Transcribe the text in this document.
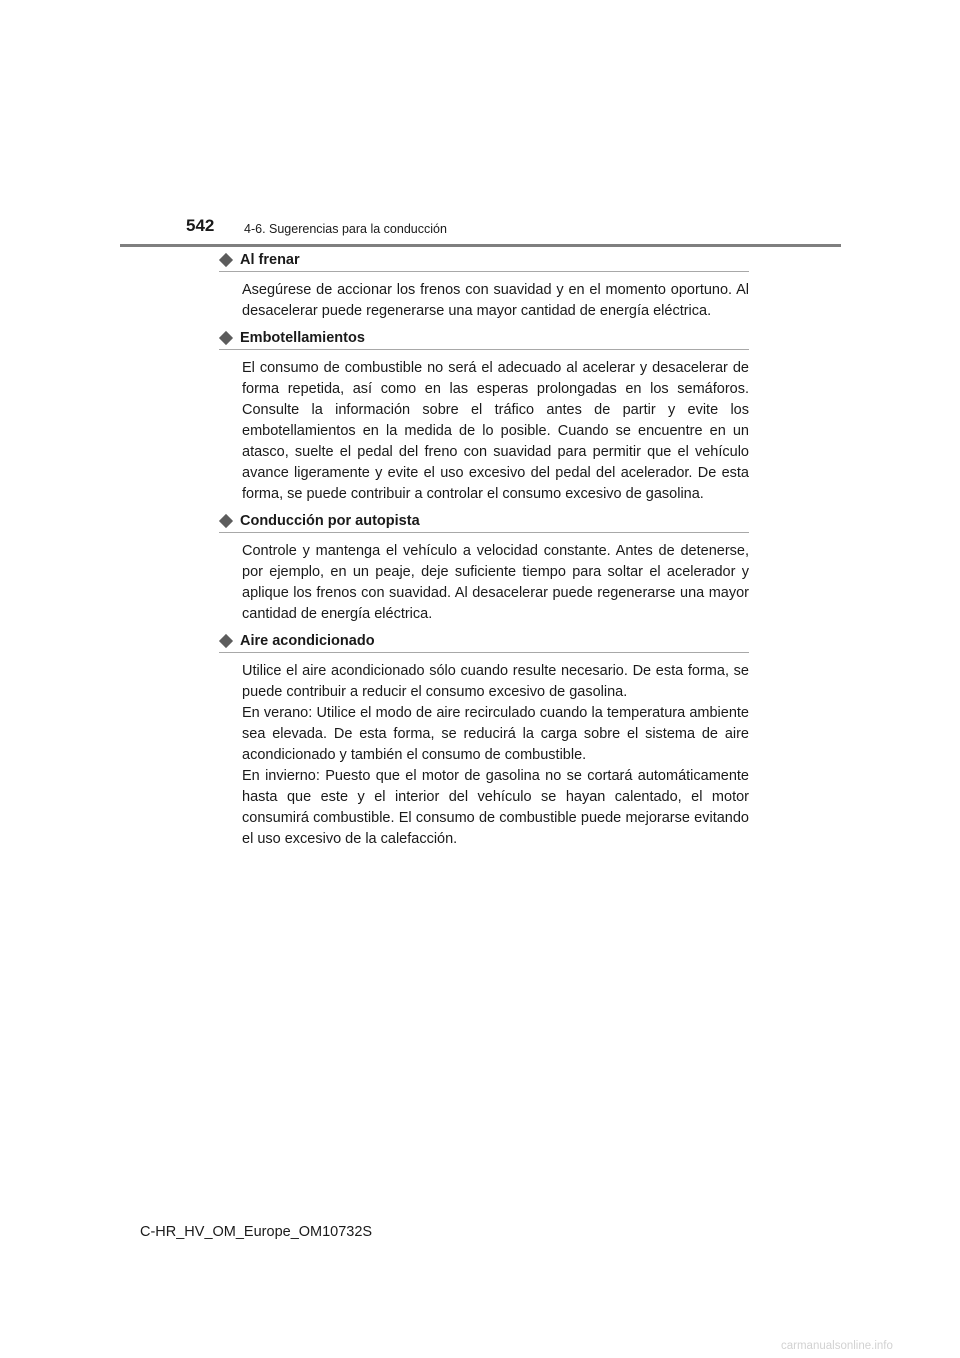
542 4-6. Sugerencias para la conducción
Al frenar

Asegúrese de accionar los frenos con suavidad y en el momento oportuno. Al desacelerar puede regenerarse una mayor cantidad de energía eléctrica.

Embotellamientos

El consumo de combustible no será el adecuado al acelerar y desacelerar de forma repetida, así como en las esperas prolongadas en los semáforos. Consulte la información sobre el tráfico antes de partir y evite los embotellamientos en la medida de lo posible. Cuando se encuentre en un atasco, suelte el pedal del freno con suavidad para permitir que el vehículo avance ligeramente y evite el uso excesivo del pedal del acelerador. De esta forma, se puede contribuir a controlar el consumo excesivo de gasolina.

Conducción por autopista

Controle y mantenga el vehículo a velocidad constante. Antes de detenerse, por ejemplo, en un peaje, deje suficiente tiempo para soltar el acelerador y aplique los frenos con suavidad. Al desacelerar puede regenerarse una mayor cantidad de energía eléctrica.

Aire acondicionado

Utilice el aire acondicionado sólo cuando resulte necesario. De esta forma, se puede contribuir a reducir el consumo excesivo de gasolina.

En verano: Utilice el modo de aire recirculado cuando la temperatura ambiente sea elevada. De esta forma, se reducirá la carga sobre el sistema de aire acondicionado y también el consumo de combustible.

En invierno: Puesto que el motor de gasolina no se cortará automáticamente hasta que este y el interior del vehículo se hayan calentado, el motor consumirá combustible. El consumo de combustible puede mejorarse evitando el uso excesivo de la calefacción.

C-HR_HV_OM_Europe_OM10732S
carmanualsonline.info
